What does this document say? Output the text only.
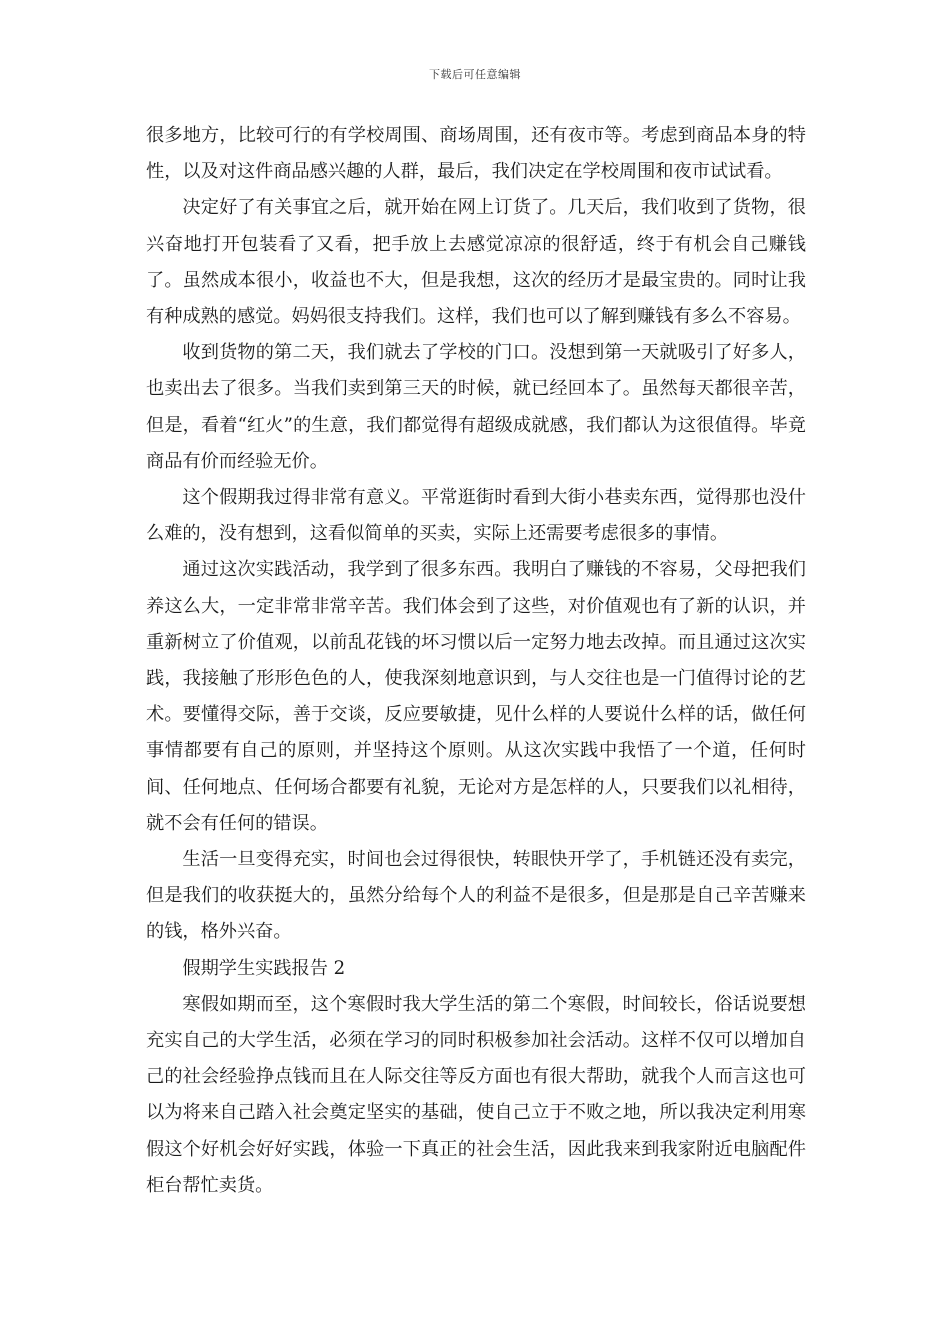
下载后可任意编辑

很多地方，比较可行的有学校周围、商场周围，还有夜市等。考虑到商品本身的特性，以及对这件商品感兴趣的人群，最后，我们决定在学校周围和夜市试试看。

决定好了有关事宜之后，就开始在网上订货了。几天后，我们收到了货物，很兴奋地打开包装看了又看，把手放上去感觉凉凉的很舒适，终于有机会自己赚钱了。虽然成本很小，收益也不大，但是我想，这次的经历才是最宝贵的。同时让我有种成熟的感觉。妈妈很支持我们。这样，我们也可以了解到赚钱有多么不容易。

收到货物的第二天，我们就去了学校的门口。没想到第一天就吸引了好多人，也卖出去了很多。当我们卖到第三天的时候，就已经回本了。虽然每天都很辛苦，但是，看着“红火”的生意，我们都觉得有超级成就感，我们都认为这很值得。毕竟商品有价而经验无价。

这个假期我过得非常有意义。平常逛街时看到大街小巷卖东西，觉得那也没什么难的，没有想到，这看似简单的买卖，实际上还需要考虑很多的事情。

通过这次实践活动，我学到了很多东西。我明白了赚钱的不容易，父母把我们养这么大，一定非常非常辛苦。我们体会到了这些，对价值观也有了新的认识，并重新树立了价值观，以前乱花钱的坏习惯以后一定努力地去改掉。而且通过这次实践，我接触了形形色色的人，使我深刻地意识到，与人交往也是一门值得讨论的艺术。要懂得交际，善于交谈，反应要敏捷，见什么样的人要说什么样的话，做任何事情都要有自己的原则，并坚持这个原则。从这次实践中我悟了一个道，任何时间、任何地点、任何场合都要有礼貌，无论对方是怎样的人，只要我们以礼相待，就不会有任何的错误。

生活一旦变得充实，时间也会过得很快，转眼快开学了，手机链还没有卖完，但是我们的收获挺大的，虽然分给每个人的利益不是很多，但是那是自己辛苦赚来的钱，格外兴奋。

假期学生实践报告 2

寒假如期而至，这个寒假时我大学生活的第二个寒假，时间较长，俗话说要想充实自己的大学生活，必须在学习的同时积极参加社会活动。这样不仅可以增加自己的社会经验挣点钱而且在人际交往等反方面也有很大帮助，就我个人而言这也可以为将来自己踏入社会奠定坚实的基础，使自己立于不败之地，所以我决定利用寒假这个好机会好好实践，体验一下真正的社会生活，因此我来到我家附近电脑配件柜台帮忙卖货。
